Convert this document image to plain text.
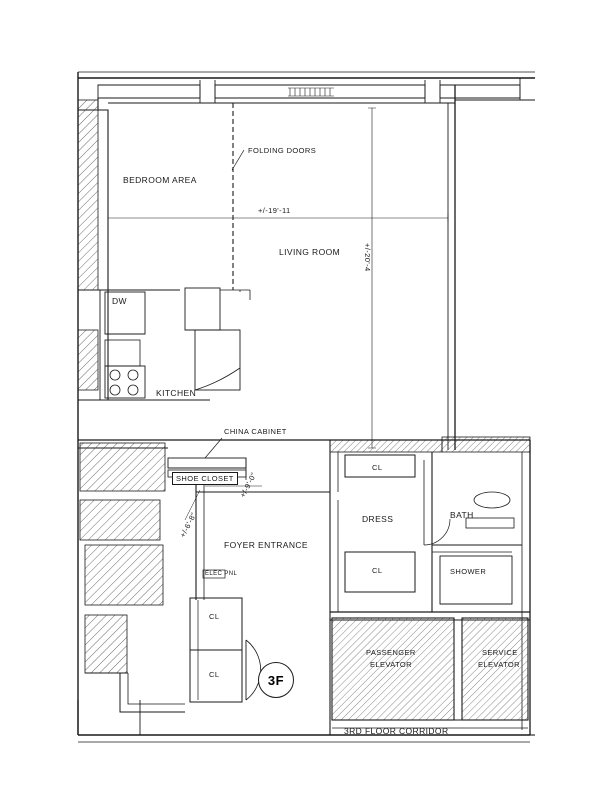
BEDROOM AREA
LIVING ROOM
KITCHEN
FOYER ENTRANCE
DRESS	BATH
SHOWER
FOLDING DOORS
CHINA CABINET
SHOE CLOSET
DW
ELEC PNL
CL
CL
CL
CL
PASSENGER
ELEVATOR
SERVICE
ELEVATOR
+/-19'-11
+/-20'-4
+/-9'-0"
+/-6'-8"
3F
3RD FLOOR CORRIDOR
